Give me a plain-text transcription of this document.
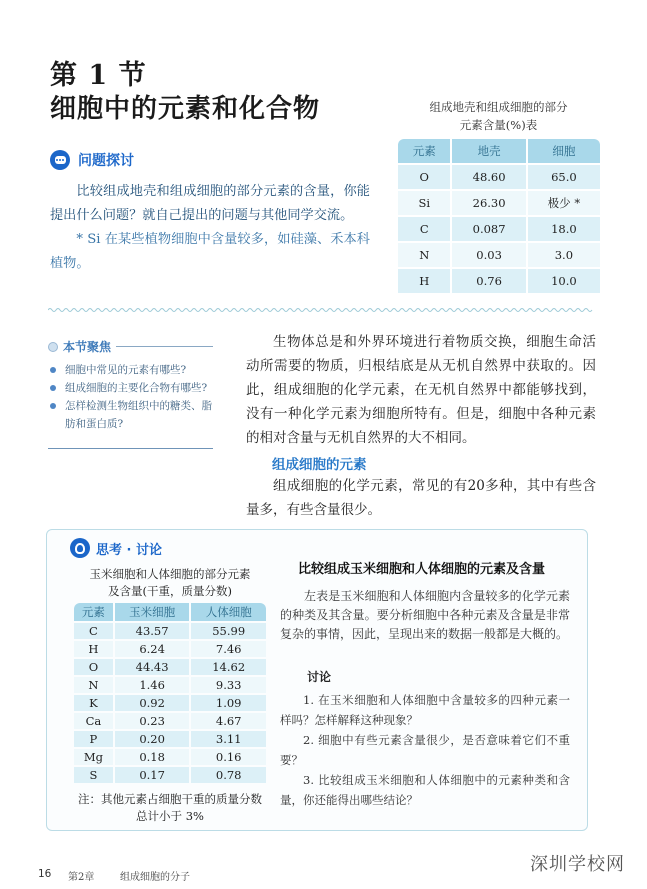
第 1 节
细胞中的元素和化合物
问题探讨

比较组成地壳和组成细胞的部分元素的含量，你能提出什么问题？就自己提出的问题与其他同学交流。

* Si 在某些植物细胞中含量较多，如硅藻、禾本科植物。

组成地壳和组成细胞的部分
元素含量(%)表
元素	地壳	细胞
O	48.60	65.0
Si	26.30	极少 *
C	0.087	18.0
N	0.03	3.0
H	0.76	10.0
本节聚焦
细胞中常见的元素有哪些?
组成细胞的主要化合物有哪些?
怎样检测生物组织中的糖类、脂肪和蛋白质?

生物体总是和外界环境进行着物质交换，细胞生命活动所需要的物质，归根结底是从无机自然界中获取的。因此，组成细胞的化学元素，在无机自然界中都能够找到，没有一种化学元素为细胞所特有。但是，细胞中各种元素的相对含量与无机自然界的大不相同。

组成细胞的元素

组成细胞的化学元素，常见的有20多种，其中有些含量多，有些含量很少。

思考 · 讨论
玉米细胞和人体细胞的部分元素
及含量(干重，质量分数)
元素	玉米细胞	人体细胞
C	43.57	55.99
H	6.24	7.46
O	44.43	14.62
N	1.46	9.33
K	0.92	1.09
Ca	0.23	4.67
P	0.20	3.11
Mg	0.18	0.16
S	0.17	0.78
注：其他元素占细胞干重的质量分数
总计小于 3%
比较组成玉米细胞和人体细胞的元素及含量

左表是玉米细胞和人体细胞内含量较多的化学元素的种类及其含量。要分析细胞中各种元素及含量是非常复杂的事情，因此，呈现出来的数据一般都是大概的。

讨论

1. 在玉米细胞和人体细胞中含量较多的四种元素一样吗？怎样解释这种现象？

2. 细胞中有些元素含量很少，是否意味着它们不重要？

3. 比较组成玉米细胞和人体细胞中的元素种类和含量，你还能得出哪些结论？

16 第2章	组成细胞的分子
深圳学校网
